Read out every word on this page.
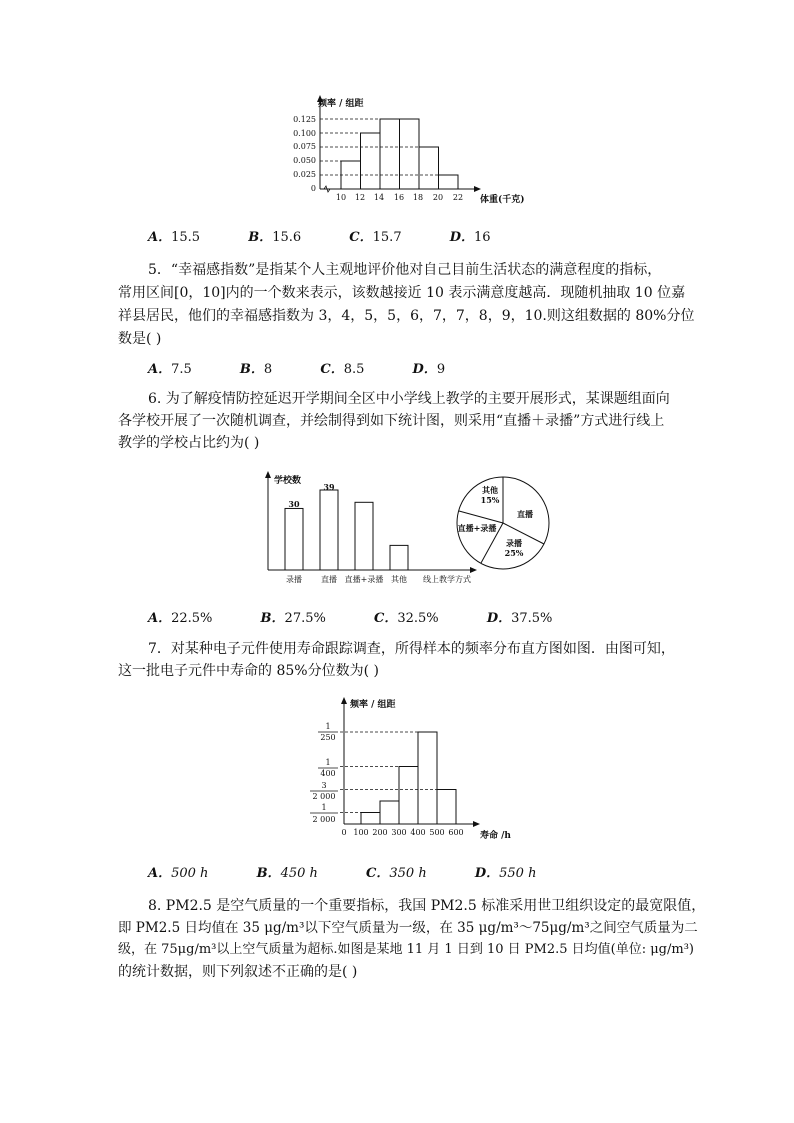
频率 / 组距
体重(千克)
0.125
0.100
0.075
0.050
0.025
0
10 12 14 16 18 20 22
A．15.5	B．15.6	C．15.7	D．16
5．“幸福感指数”是指某个人主观地评价他对自己目前生活状态的满意程度的指标，
常用区间[0，10]内的一个数来表示，该数越接近 10 表示满意度越高．现随机抽取 10 位嘉
祥县居民，他们的幸福感指数为 3，4，5，5，6，7，7，8，9，10.则这组数据的 80%分位
数是( )
A．7.5	B．8	C．8.5	D．9
6. 为了解疫情防控延迟开学期间全区中小学线上教学的主要开展形式，某课题组面向
各学校开展了一次随机调查，并绘制得到如下统计图，则采用“直播＋录播”方式进行线上
教学的学校占比约为( )
学校数
30
39
录播 直播 直播+录播 其他 线上教学方式
其他
15%
直播
直播+录播
录播
25%
A．22.5%	B．27.5%	C．32.5%	D．37.5%
7．对某种电子元件使用寿命跟踪调查，所得样本的频率分布直方图如图．由图可知，
这一批电子元件中寿命的 85%分位数为( )
频率 / 组距
寿命 /h
1
250
1
400
3
2 000
1
2 000
0 100 200 300 400 500 600
A．500 h	B．450 h	C．350 h	D．550 h
8. PM2.5 是空气质量的一个重要指标，我国 PM2.5 标准采用世卫组织设定的最宽限值，
即 PM2.5 日均值在 35 μg/m³以下空气质量为一级，在 35 μg/m³～75μg/m³之间空气质量为二
级，在 75μg/m³以上空气质量为超标.如图是某地 11 月 1 日到 10 日 PM2.5 日均值(单位: μg/m³)
的统计数据，则下列叙述不正确的是( )
